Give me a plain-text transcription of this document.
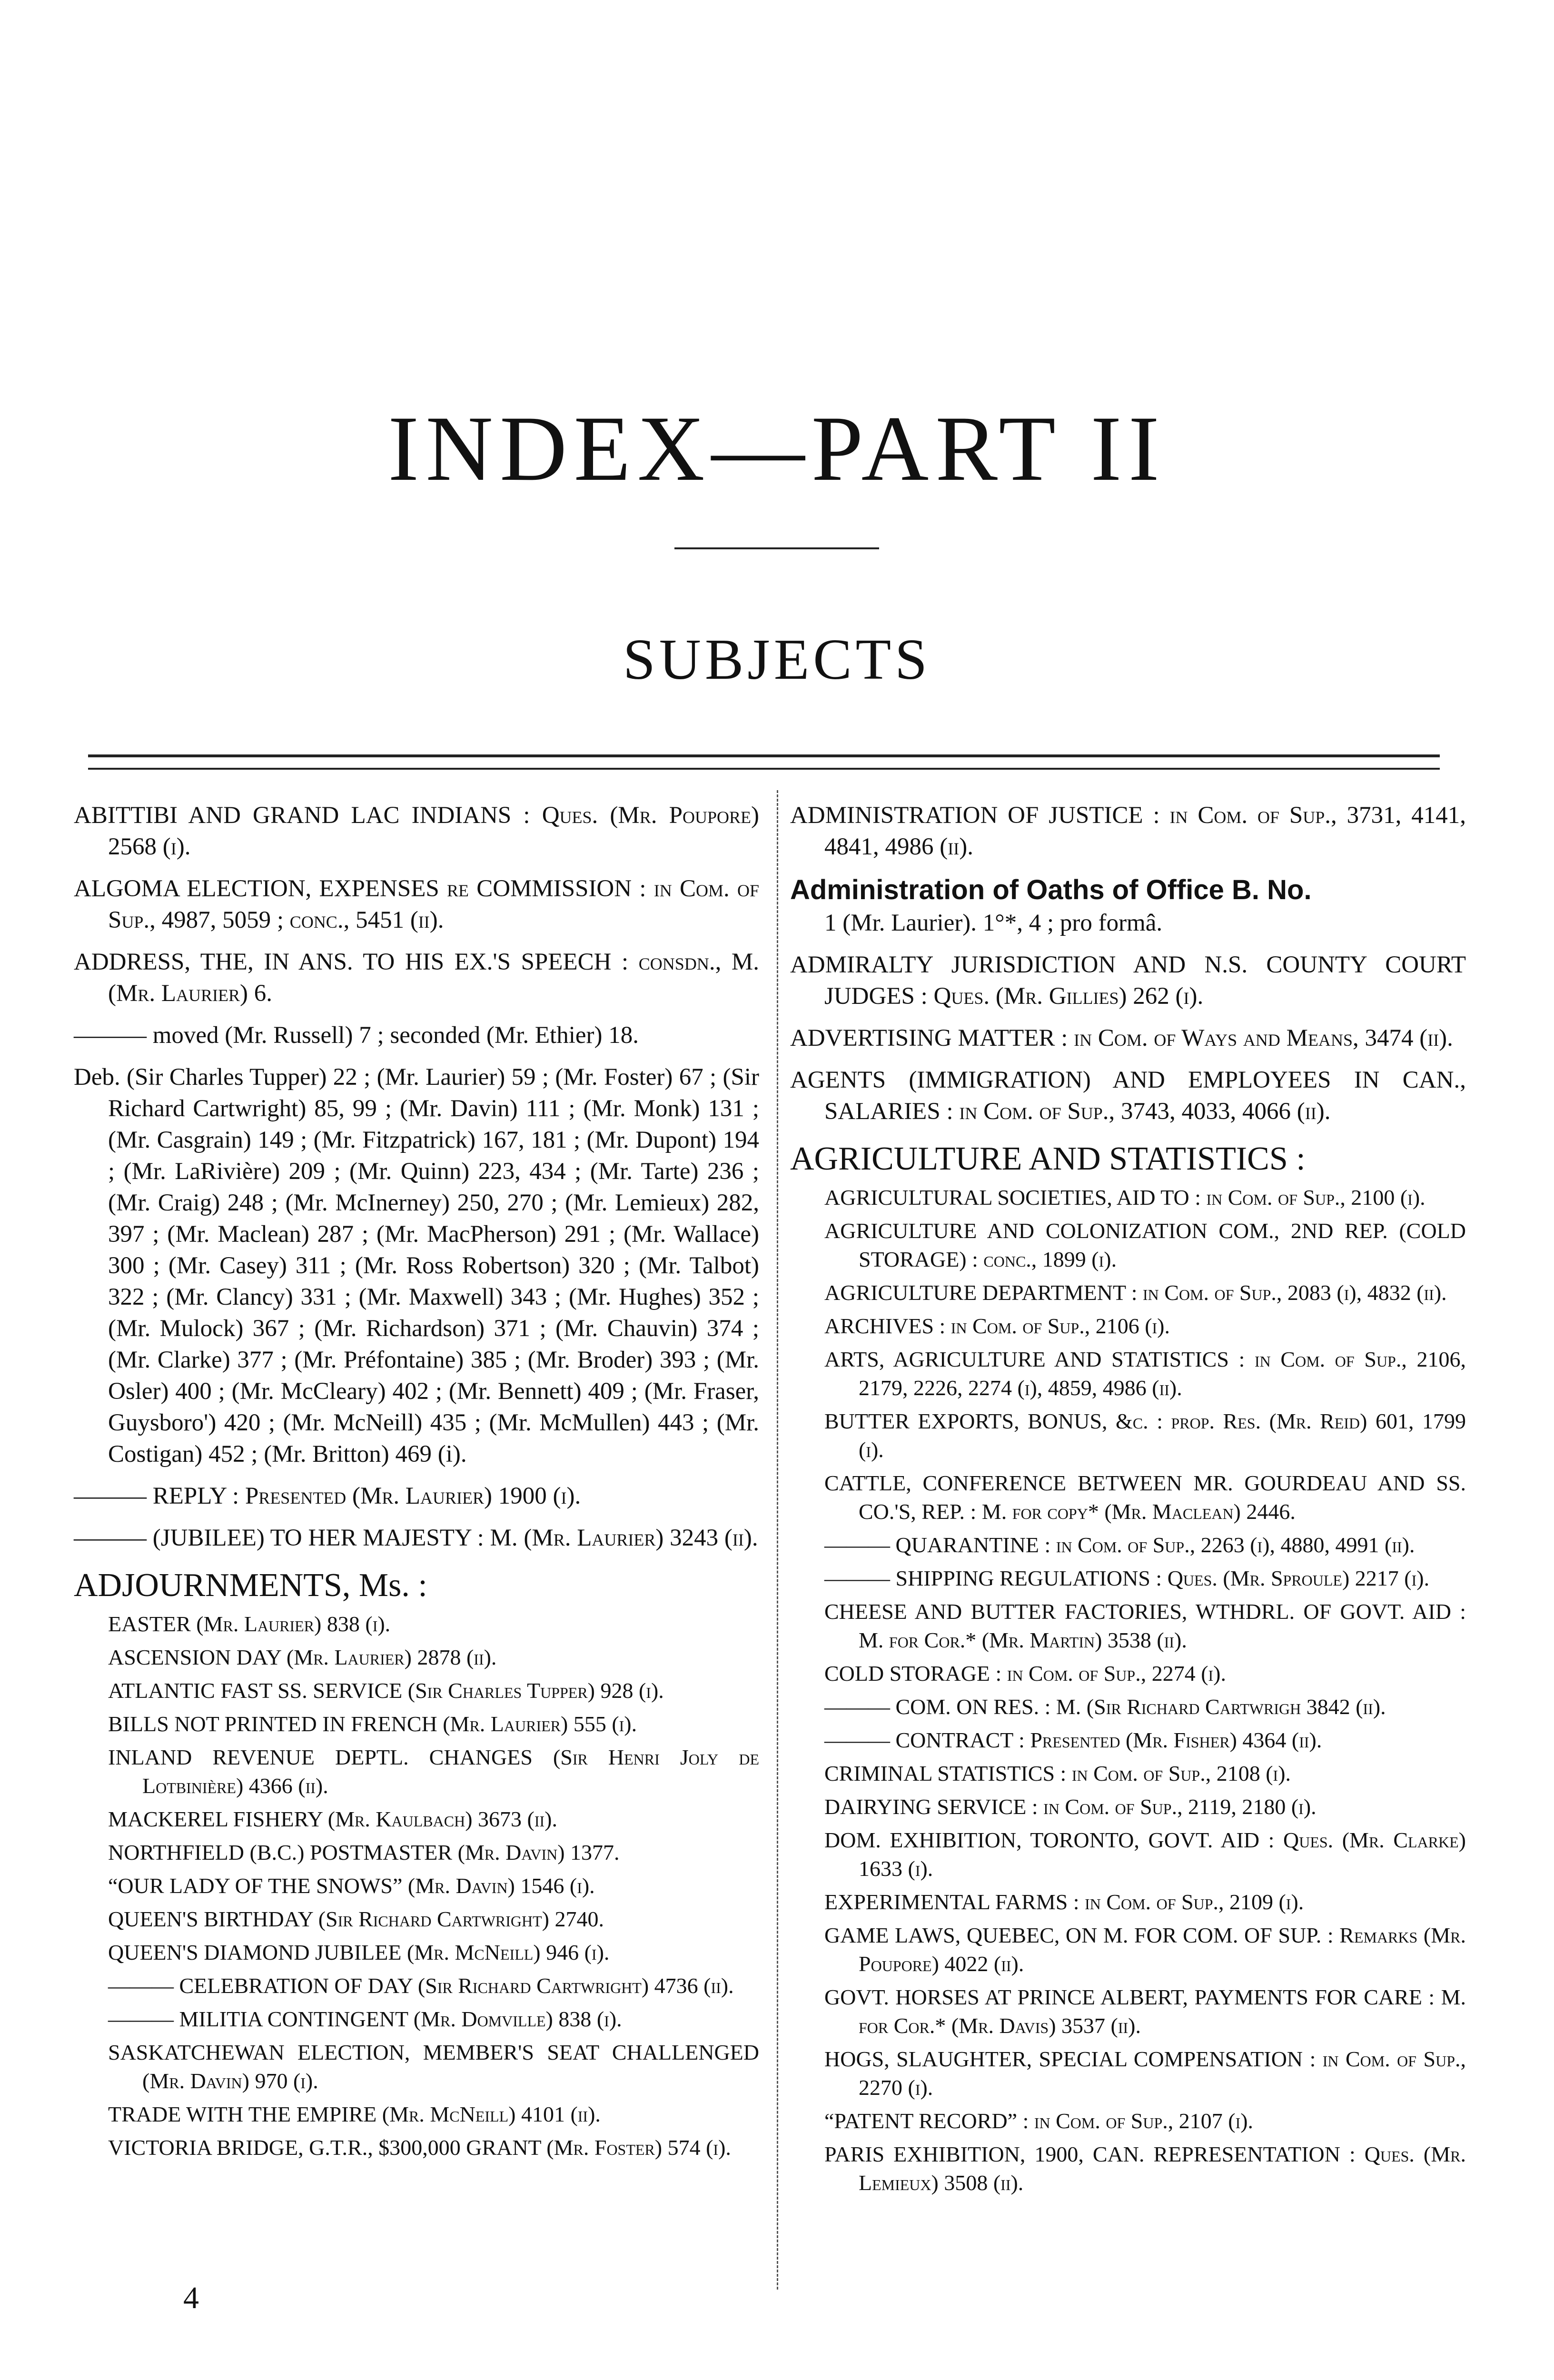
INDEX—PART II
SUBJECTS
ABITTIBI AND GRAND LAC INDIANS : Ques. (Mr. Poupore) 2568 (i).
ALGOMA ELECTION, EXPENSES re COMMISSION : in Com. of Sup., 4987, 5059 ; conc., 5451 (ii).
ADDRESS, THE, IN ANS. TO HIS EX.'S SPEECH : consdn., M. (Mr. Laurier) 6.
——— moved (Mr. Russell) 7 ; seconded (Mr. Ethier) 18.
Deb. (Sir Charles Tupper) 22 ; (Mr. Laurier) 59 ; (Mr. Foster) 67 ; (Sir Richard Cartwright) 85, 99 ; (Mr. Davin) 111 ; (Mr. Monk) 131 ; (Mr. Casgrain) 149 ; (Mr. Fitzpatrick) 167, 181 ; (Mr. Dupont) 194 ; (Mr. LaRivière) 209 ; (Mr. Quinn) 223, 434 ; (Mr. Tarte) 236 ; (Mr. Craig) 248 ; (Mr. McInerney) 250, 270 ; (Mr. Lemieux) 282, 397 ; (Mr. Maclean) 287 ; (Mr. MacPherson) 291 ; (Mr. Wallace) 300 ; (Mr. Casey) 311 ; (Mr. Ross Robertson) 320 ; (Mr. Talbot) 322 ; (Mr. Clancy) 331 ; (Mr. Maxwell) 343 ; (Mr. Hughes) 352 ; (Mr. Mulock) 367 ; (Mr. Richardson) 371 ; (Mr. Chauvin) 374 ; (Mr. Clarke) 377 ; (Mr. Préfontaine) 385 ; (Mr. Broder) 393 ; (Mr. Osler) 400 ; (Mr. McCleary) 402 ; (Mr. Bennett) 409 ; (Mr. Fraser, Guysboro') 420 ; (Mr. McNeill) 435 ; (Mr. McMullen) 443 ; (Mr. Costigan) 452 ; (Mr. Britton) 469 (i).
——— REPLY : Presented (Mr. Laurier) 1900 (i).
——— (JUBILEE) TO HER MAJESTY : M. (Mr. Laurier) 3243 (ii).
ADJOURNMENTS, Ms. :
EASTER (Mr. Laurier) 838 (i).
ASCENSION DAY (Mr. Laurier) 2878 (ii).
ATLANTIC FAST SS. SERVICE (Sir Charles Tupper) 928 (i).
BILLS NOT PRINTED IN FRENCH (Mr. Laurier) 555 (i).
INLAND REVENUE DEPTL. CHANGES (Sir Henri Joly de Lotbinière) 4366 (ii).
MACKEREL FISHERY (Mr. Kaulbach) 3673 (ii).
NORTHFIELD (B.C.) POSTMASTER (Mr. Davin) 1377.
“OUR LADY OF THE SNOWS” (Mr. Davin) 1546 (i).
QUEEN'S BIRTHDAY (Sir Richard Cartwright) 2740.
QUEEN'S DIAMOND JUBILEE (Mr. McNeill) 946 (i).
——— CELEBRATION OF DAY (Sir Richard Cartwright) 4736 (ii).
——— MILITIA CONTINGENT (Mr. Domville) 838 (i).
SASKATCHEWAN ELECTION, MEMBER'S SEAT CHALLENGED (Mr. Davin) 970 (i).
TRADE WITH THE EMPIRE (Mr. McNeill) 4101 (ii).
VICTORIA BRIDGE, G.T.R., $300,000 GRANT (Mr. Foster) 574 (i).
ADMINISTRATION OF JUSTICE : in Com. of Sup., 3731, 4141, 4841, 4986 (ii).
Administration of Oaths of Office B. No.
1 (Mr. Laurier). 1°*, 4 ; pro formâ.
ADMIRALTY JURISDICTION AND N.S. COUNTY COURT JUDGES : Ques. (Mr. Gillies) 262 (i).
ADVERTISING MATTER : in Com. of Ways and Means, 3474 (ii).
AGENTS (IMMIGRATION) AND EMPLOYEES IN CAN., SALARIES : in Com. of Sup., 3743, 4033, 4066 (ii).
AGRICULTURE AND STATISTICS :
AGRICULTURAL SOCIETIES, AID TO : in Com. of Sup., 2100 (i).
AGRICULTURE AND COLONIZATION COM., 2ND REP. (COLD STORAGE) : conc., 1899 (i).
AGRICULTURE DEPARTMENT : in Com. of Sup., 2083 (i), 4832 (ii).
ARCHIVES : in Com. of Sup., 2106 (i).
ARTS, AGRICULTURE AND STATISTICS : in Com. of Sup., 2106, 2179, 2226, 2274 (i), 4859, 4986 (ii).
BUTTER EXPORTS, BONUS, &c. : prop. Res. (Mr. Reid) 601, 1799 (i).
CATTLE, CONFERENCE BETWEEN MR. GOURDEAU AND SS. CO.'S, REP. : M. for copy* (Mr. Maclean) 2446.
——— QUARANTINE : in Com. of Sup., 2263 (i), 4880, 4991 (ii).
——— SHIPPING REGULATIONS : Ques. (Mr. Sproule) 2217 (i).
CHEESE AND BUTTER FACTORIES, WTHDRL. OF GOVT. AID : M. for Cor.* (Mr. Martin) 3538 (ii).
COLD STORAGE : in Com. of Sup., 2274 (i).
——— COM. ON RES. : M. (Sir Richard Cartwrigh 3842 (ii).
——— CONTRACT : Presented (Mr. Fisher) 4364 (ii).
CRIMINAL STATISTICS : in Com. of Sup., 2108 (i).
DAIRYING SERVICE : in Com. of Sup., 2119, 2180 (i).
DOM. EXHIBITION, TORONTO, GOVT. AID : Ques. (Mr. Clarke) 1633 (i).
EXPERIMENTAL FARMS : in Com. of Sup., 2109 (i).
GAME LAWS, QUEBEC, ON M. FOR COM. OF SUP. : Remarks (Mr. Poupore) 4022 (ii).
GOVT. HORSES AT PRINCE ALBERT, PAYMENTS FOR CARE : M. for Cor.* (Mr. Davis) 3537 (ii).
HOGS, SLAUGHTER, SPECIAL COMPENSATION : in Com. of Sup., 2270 (i).
“PATENT RECORD” : in Com. of Sup., 2107 (i).
PARIS EXHIBITION, 1900, CAN. REPRESENTATION : Ques. (Mr. Lemieux) 3508 (ii).
4
